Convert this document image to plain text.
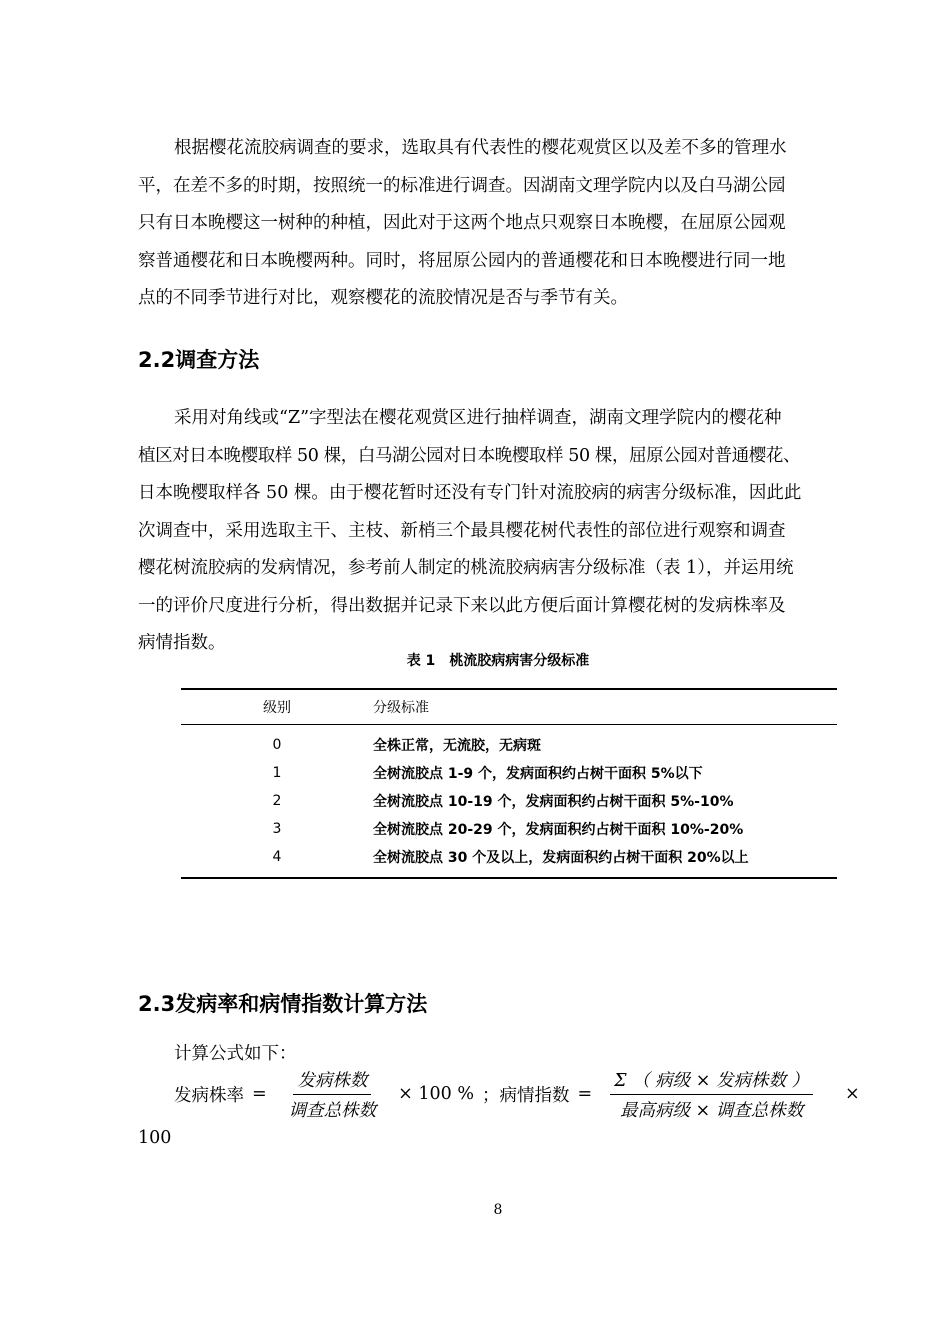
根据樱花流胶病调查的要求，选取具有代表性的樱花观赏区以及差不多的管理水
平，在差不多的时期，按照统一的标准进行调查。因湖南文理学院内以及白马湖公园
只有日本晚樱这一树种的种植，因此对于这两个地点只观察日本晚樱，在屈原公园观
察普通樱花和日本晚樱两种。同时，将屈原公园内的普通樱花和日本晚樱进行同一地
点的不同季节进行对比，观察樱花的流胶情况是否与季节有关。

2.2调查方法

采用对角线或“Z”字型法在樱花观赏区进行抽样调查，湖南文理学院内的樱花种
植区对日本晚樱取样 50 棵，白马湖公园对日本晚樱取样 50 棵，屈原公园对普通樱花、
日本晚樱取样各 50 棵。由于樱花暂时还没有专门针对流胶病的病害分级标准，因此此
次调查中，采用选取主干、主枝、新梢三个最具樱花树代表性的部位进行观察和调查
樱花树流胶病的发病情况，参考前人制定的桃流胶病病害分级标准（表 1），并运用统
一的评价尺度进行分析，得出数据并记录下来以此方便后面计算樱花树的发病株率及
病情指数。

表 1 桃流胶病病害分级标准
级别	分级标准
0	全株正常，无流胶，无病斑
1	全树流胶点 1-9 个，发病面积约占树干面积 5%以下
2	全树流胶点 10-19 个，发病面积约占树干面积 5%-10%
3	全树流胶点 20-29 个，发病面积约占树干面积 10%-20%
4	全树流胶点 30 个及以上，发病面积约占树干面积 20%以上
2.3发病率和病情指数计算方法
计算公式如下：
发病株率 = $\frac{\text{发病株数}}{\text{调查总株数}} \times 100$ % ； 病情指数 = $\frac{\text{Σ （ 病级 × 发病株数 ）}}{\text{最高病级 × 调查总株数}}$ ×
100
8
